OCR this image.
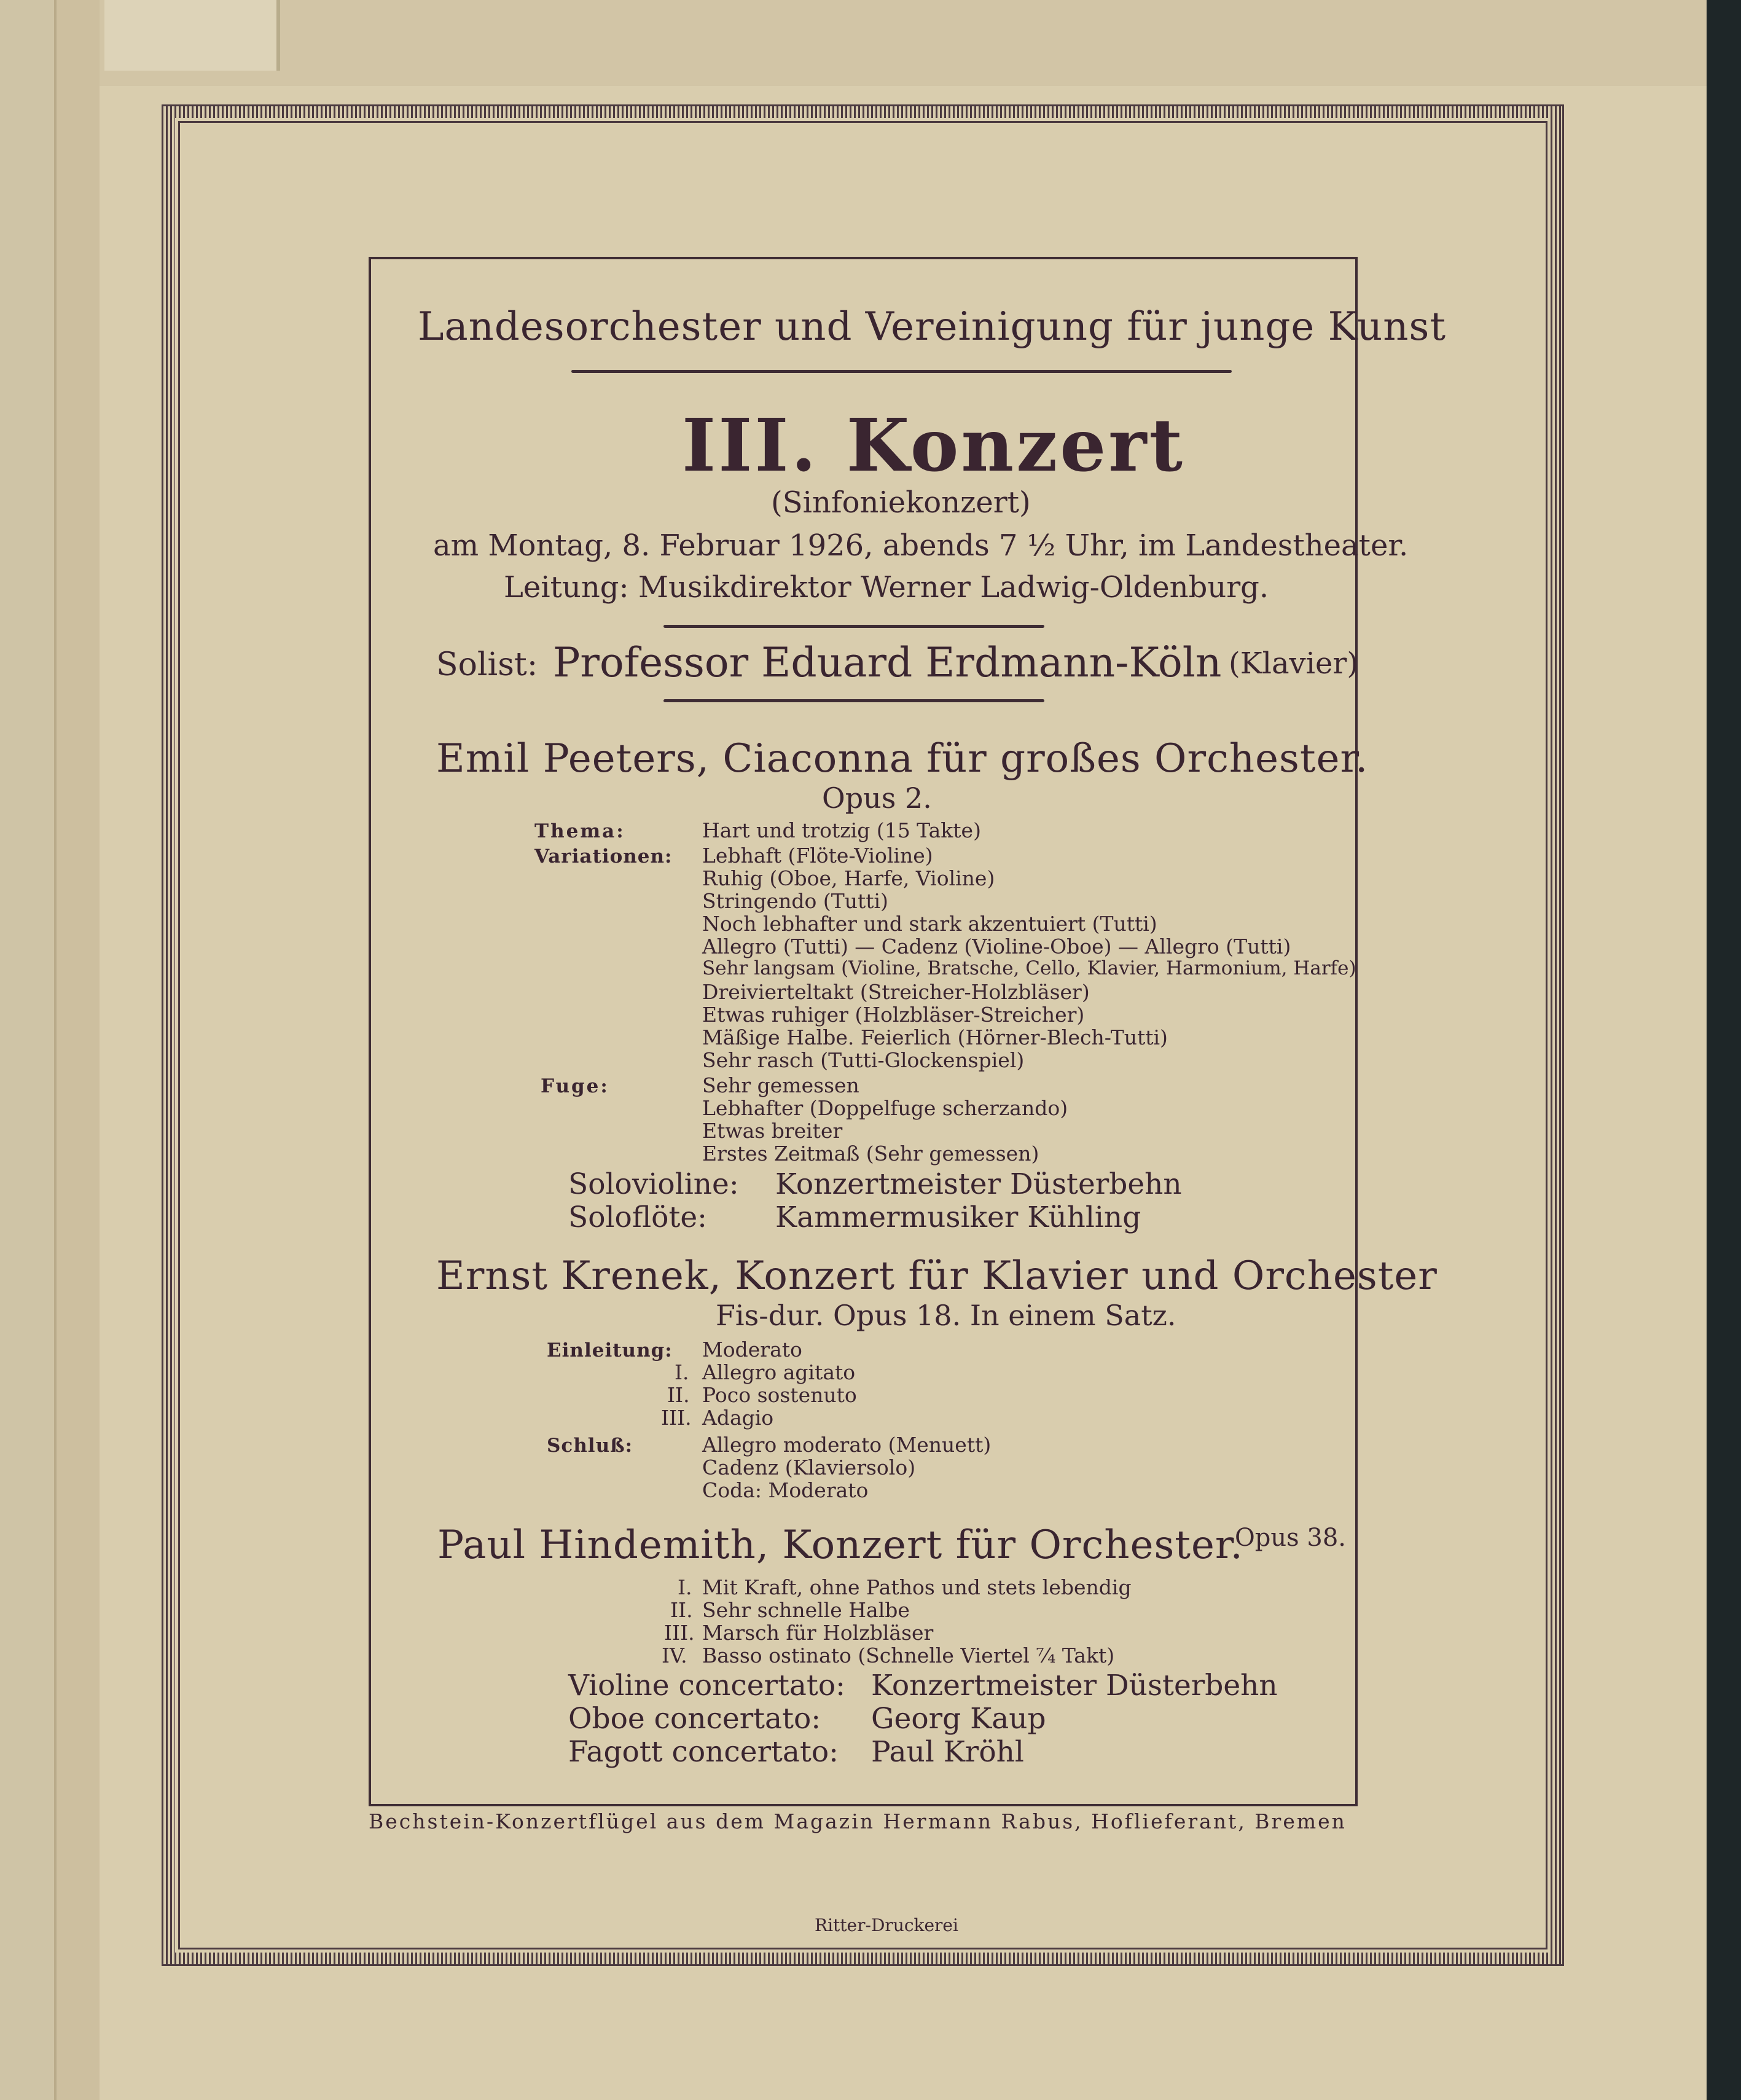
Landesorchester und Vereinigung für junge Kunst
III. Konzert
(Sinfoniekonzert)
am Montag, 8. Februar 1926, abends 7 ½ Uhr, im Landestheater.
Leitung: Musikdirektor Werner Ladwig-Oldenburg.
Solist: Professor Eduard Erdmann-Köln (Klavier)
Emil Peeters, Ciaconna für großes Orchester.
Opus 2.
Thema:	Hart und trotzig (15 Takte)
Variationen: Lebhaft (Flöte-Violine)
Ruhig (Oboe, Harfe, Violine)
Stringendo (Tutti)
Noch lebhafter und stark akzentuiert (Tutti)
Allegro (Tutti) — Cadenz (Violine-Oboe) — Allegro (Tutti)
Sehr langsam (Violine, Bratsche, Cello, Klavier, Harmonium, Harfe)
Dreivierteltakt (Streicher-Holzbläser)
Etwas ruhiger (Holzbläser-Streicher)
Mäßige Halbe. Feierlich (Hörner-Blech-Tutti)
Sehr rasch (Tutti-Glockenspiel)
Fuge:	Sehr gemessen
Lebhafter (Doppelfuge scherzando)
Etwas breiter
Erstes Zeitmaß (Sehr gemessen)
Solovioline: Konzertmeister Düsterbehn
Soloflöte: Kammermusiker Kühling
Ernst Krenek, Konzert für Klavier und Orchester
Fis-dur. Opus 18. In einem Satz.
Einleitung: Moderato
I. Allegro agitato
II. Poco sostenuto
III. Adagio
Schluß:	Allegro moderato (Menuett)
Cadenz (Klaviersolo)
Coda: Moderato
Paul Hindemith, Konzert für Orchester.
Opus 38.
I. Mit Kraft, ohne Pathos und stets lebendig
II. Sehr schnelle Halbe
III. Marsch für Holzbläser
IV. Basso ostinato (Schnelle Viertel ⁷⁄₄ Takt)
Violine concertato: Konzertmeister Düsterbehn
Oboe concertato: Georg Kaup
Fagott concertato: Paul Kröhl
Bechstein-Konzertflügel aus dem Magazin Hermann Rabus, Hoflieferant, Bremen
Ritter-Druckerei
